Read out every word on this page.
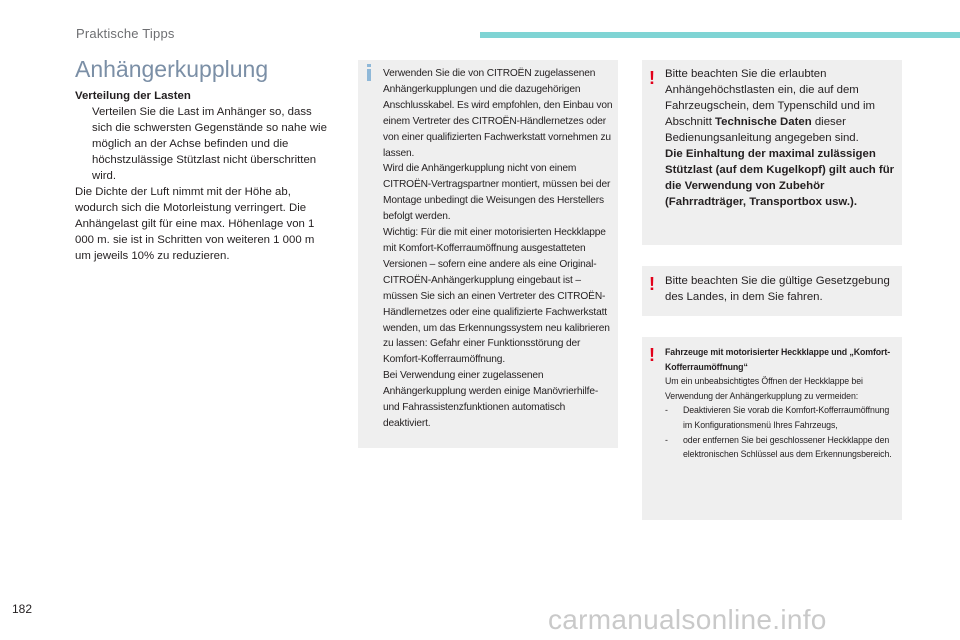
Praktische Tipps
Anhängerkupplung

Verteilung der Lasten

Verteilen Sie die Last im Anhänger so, dass sich die schwersten Gegenstände so nahe wie möglich an der Achse befinden und die höchstzulässige Stützlast nicht überschritten wird.

Die Dichte der Luft nimmt mit der Höhe ab, wodurch sich die Motorleistung verringert. Die Anhängelast gilt für eine max. Höhenlage von 1 000 m. sie ist in Schritten von weiteren 1 000 m um jeweils 10% zu reduzieren.

Verwenden Sie die von CITROËN zugelassenen Anhängerkupplungen und die dazugehörigen Anschlusskabel. Es wird empfohlen, den Einbau von einem Vertreter des CITROËN-Händlernetzes oder von einer qualifizierten Fachwerkstatt vornehmen zu lassen.
Wird die Anhängerkupplung nicht von einem CITROËN-Vertragspartner montiert, müssen bei der Montage unbedingt die Weisungen des Herstellers befolgt werden.
Wichtig: Für die mit einer motorisierten Heckklappe mit Komfort-Kofferraumöffnung ausgestatteten Versionen – sofern eine andere als eine Original-CITROËN-Anhängerkupplung eingebaut ist – müssen Sie sich an einen Vertreter des CITROËN-Händlernetzes oder eine qualifizierte Fachwerkstatt wenden, um das Erkennungssystem neu kalibrieren zu lassen: Gefahr einer Funktionsstörung der Komfort-Kofferraumöffnung.
Bei Verwendung einer zugelassenen Anhängerkupplung werden einige Manövrierhilfe- und Fahrassistenzfunktionen automatisch deaktiviert.
! Bitte beachten Sie die erlaubten Anhängehöchstlasten ein, die auf dem Fahrzeugschein, dem Typenschild und im Abschnitt Technische Daten dieser Bedienungsanleitung angegeben sind.
Die Einhaltung der maximal zulässigen Stützlast (auf dem Kugelkopf) gilt auch für die Verwendung von Zubehör (Fahrradträger, Transportbox usw.).
! Bitte beachten Sie die gültige Gesetzgebung des Landes, in dem Sie fahren.
! Fahrzeuge mit motorisierter Heckklappe und „Komfort-Kofferraumöffnung“
Um ein unbeabsichtigtes Öffnen der Heckklappe bei Verwendung der Anhängerkupplung zu vermeiden:
-	Deaktivieren Sie vorab die Komfort-Kofferraumöffnung im Konfigurationsmenü Ihres Fahrzeugs,
-	oder entfernen Sie bei geschlossener Heckklappe den elektronischen Schlüssel aus dem Erkennungsbereich.
182	carmanualsonline.info
